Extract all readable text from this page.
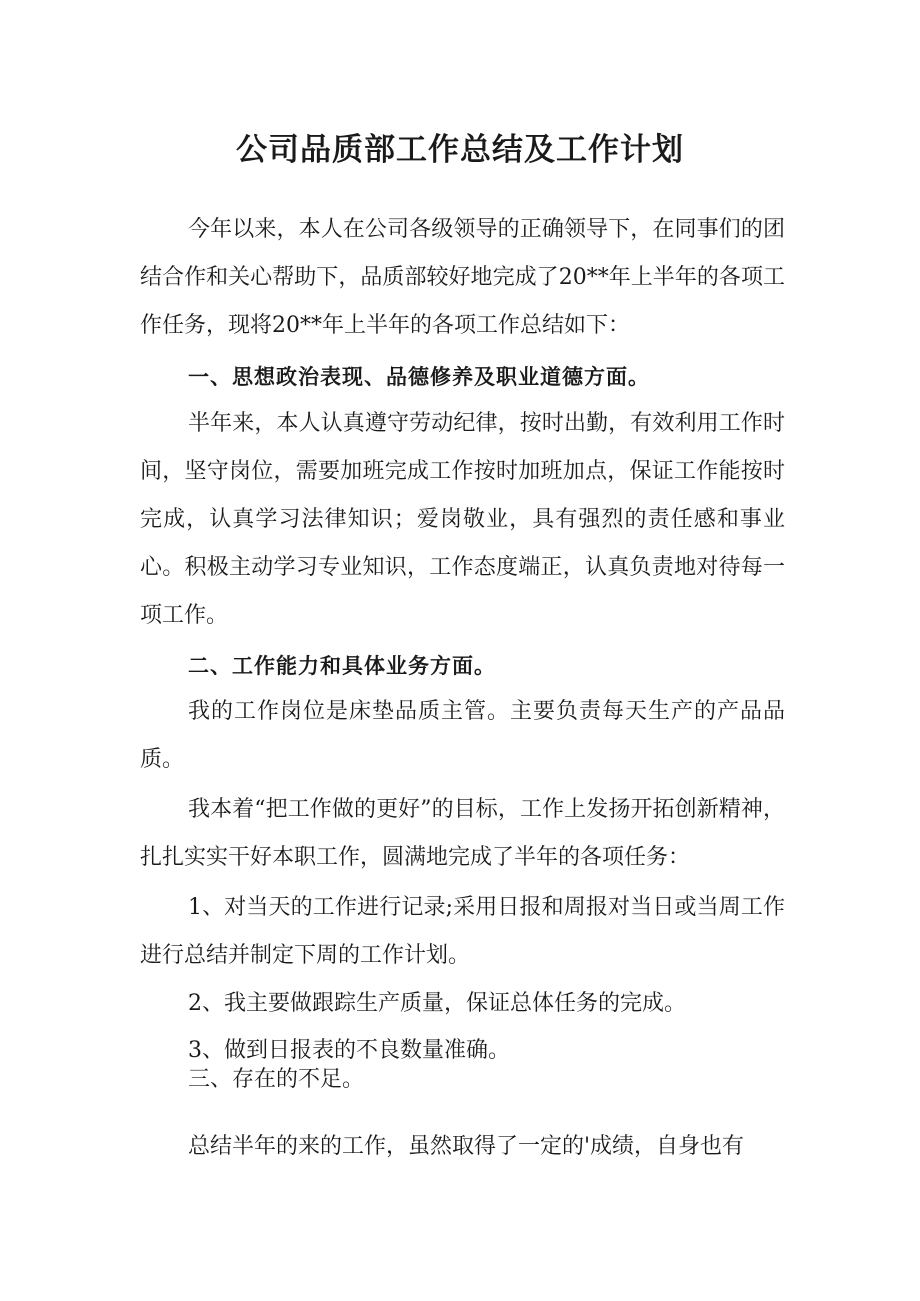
公司品质部工作总结及工作计划

今年以来，本人在公司各级领导的正确领导下，在同事们的团结合作和关心帮助下，品质部较好地完成了20**年上半年的各项工作任务，现将20**年上半年的各项工作总结如下：

一、思想政治表现、品德修养及职业道德方面。

半年来，本人认真遵守劳动纪律，按时出勤，有效利用工作时间，坚守岗位，需要加班完成工作按时加班加点，保证工作能按时完成，认真学习法律知识；爱岗敬业，具有强烈的责任感和事业心。积极主动学习专业知识，工作态度端正，认真负责地对待每一项工作。

二、工作能力和具体业务方面。

我的工作岗位是床垫品质主管。主要负责每天生产的产品品质。

我本着“把工作做的更好”的目标，工作上发扬开拓创新精神，扎扎实实干好本职工作，圆满地完成了半年的各项任务：

1、对当天的工作进行记录;采用日报和周报对当日或当周工作进行总结并制定下周的工作计划。

2、我主要做跟踪生产质量，保证总体任务的完成。

3、做到日报表的不良数量准确。

三、存在的不足。

总结半年的来的工作，虽然取得了一定的'成绩，自身也有
